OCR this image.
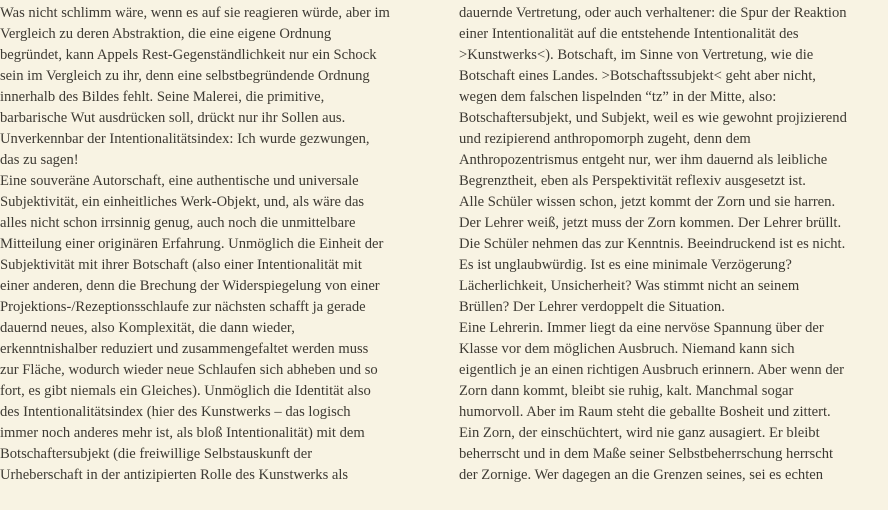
Was nicht schlimm wäre, wenn es auf sie reagieren würde, aber im
Vergleich zu deren Abstraktion, die eine eigene Ordnung
begründet, kann Appels Rest-Gegenständlichkeit nur ein Schock
sein im Vergleich zu ihr, denn eine selbstbegründende Ordnung
innerhalb des Bildes fehlt. Seine Malerei, die primitive,
barbarische Wut ausdrücken soll, drückt nur ihr Sollen aus.
Unverkennbar der Intentionalitätsindex: Ich wurde gezwungen,
das zu sagen!
Eine souveräne Autorschaft, eine authentische und universale
Subjektivität, ein einheitliches Werk-Objekt, und, als wäre das
alles nicht schon irrsinnig genug, auch noch die unmittelbare
Mitteilung einer originären Erfahrung. Unmöglich die Einheit der
Subjektivität mit ihrer Botschaft (also einer Intentionalität mit
einer anderen, denn die Brechung der Widerspiegelung von einer
Projektions-/Rezeptionsschlaufe zur nächsten schafft ja gerade
dauernd neues, also Komplexität, die dann wieder,
erkenntnishalber reduziert und zusammengefaltet werden muss
zur Fläche, wodurch wieder neue Schlaufen sich abheben und so
fort, es gibt niemals ein Gleiches). Unmöglich die Identität also
des Intentionalitätsindex (hier des Kunstwerks – das logisch
immer noch anderes mehr ist, als bloß Intentionalität) mit dem
Botschaftersubjekt (die freiwillige Selbstauskunft der
Urheberschaft in der antizipierten Rolle des Kunstwerks als
dauernde Vertretung, oder auch verhaltener: die Spur der Reaktion
einer Intentionalität auf die entstehende Intentionalität des
>Kunstwerks<). Botschaft, im Sinne von Vertretung, wie die
Botschaft eines Landes. >Botschaftssubjekt< geht aber nicht,
wegen dem falschen lispelnden “tz” in der Mitte, also:
Botschaftersubjekt, und Subjekt, weil es wie gewohnt projizierend
und rezipierend anthropomorph zugeht, denn dem
Anthropozentrismus entgeht nur, wer ihm dauernd als leibliche
Begrenztheit, eben als Perspektivität reflexiv ausgesetzt ist.
Alle Schüler wissen schon, jetzt kommt der Zorn und sie harren.
Der Lehrer weiß, jetzt muss der Zorn kommen. Der Lehrer brüllt.
Die Schüler nehmen das zur Kenntnis. Beeindruckend ist es nicht.
Es ist unglaubwürdig. Ist es eine minimale Verzögerung?
Lächerlichkeit, Unsicherheit? Was stimmt nicht an seinem
Brüllen? Der Lehrer verdoppelt die Situation.
Eine Lehrerin. Immer liegt da eine nervöse Spannung über der
Klasse vor dem möglichen Ausbruch. Niemand kann sich
eigentlich je an einen richtigen Ausbruch erinnern. Aber wenn der
Zorn dann kommt, bleibt sie ruhig, kalt. Manchmal sogar
humorvoll. Aber im Raum steht die geballte Bosheit und zittert.
Ein Zorn, der einschüchtert, wird nie ganz ausagiert. Er bleibt
beherrscht und in dem Maße seiner Selbstbeherrschung herrscht
der Zornige. Wer dagegen an die Grenzen seines, sei es echten
